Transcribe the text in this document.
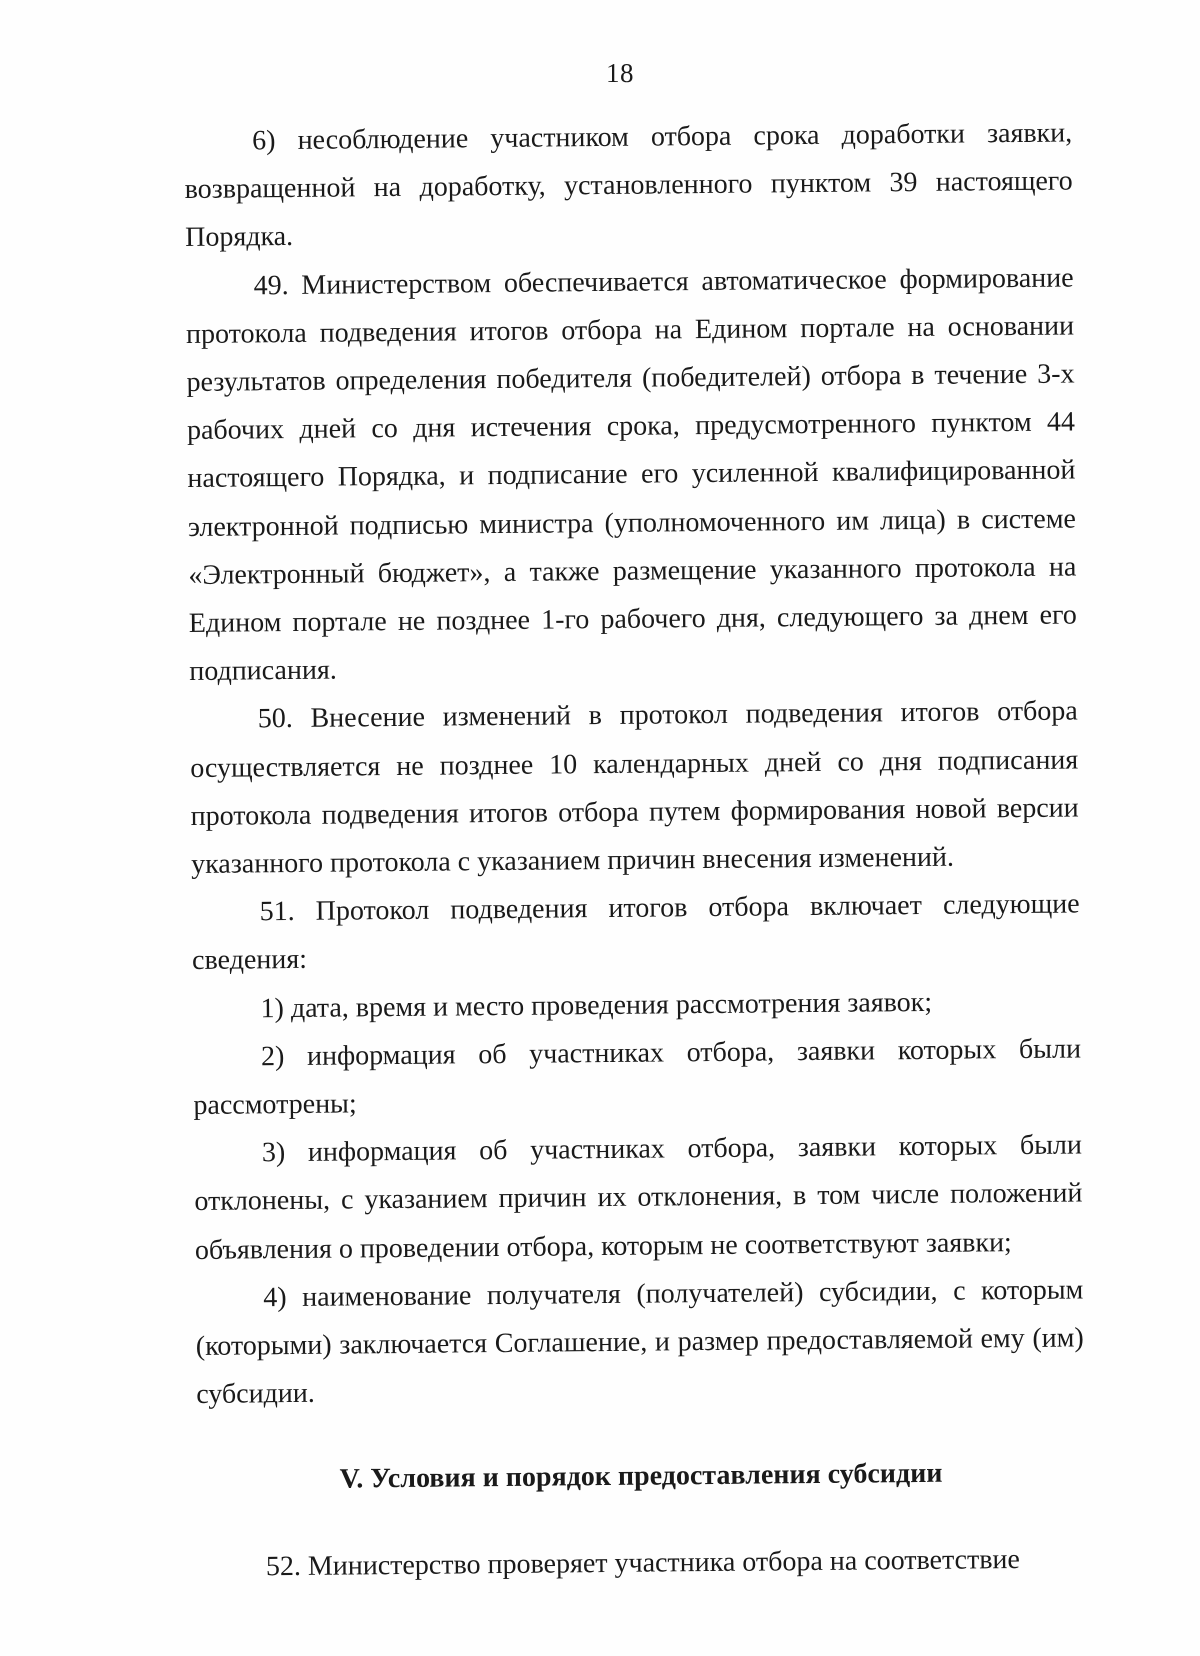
18

6) несоблюдение участником отбора срока доработки заявки, возвращенной на доработку, установленного пунктом 39 настоящего Порядка.

49. Министерством обеспечивается автоматическое формирование протокола подведения итогов отбора на Едином портале на основании результатов определения победителя (победителей) отбора в течение 3-х рабочих дней со дня истечения срока, предусмотренного пунктом 44 настоящего Порядка, и подписание его усиленной квалифицированной электронной подписью министра (уполномоченного им лица) в системе «Электронный бюджет», а также размещение указанного протокола на Едином портале не позднее 1-го рабочего дня, следующего за днем его подписания.

50. Внесение изменений в протокол подведения итогов отбора осуществляется не позднее 10 календарных дней со дня подписания протокола подведения итогов отбора путем формирования новой версии указанного протокола с указанием причин внесения изменений.

51. Протокол подведения итогов отбора включает следующие сведения:

1) дата, время и место проведения рассмотрения заявок;

2) информация об участниках отбора, заявки которых были рассмотрены;

3) информация об участниках отбора, заявки которых были отклонены, с указанием причин их отклонения, в том числе положений объявления о проведении отбора, которым не соответствуют заявки;

4) наименование получателя (получателей) субсидии, с которым (которыми) заключается Соглашение, и размер предоставляемой ему (им) субсидии.

V. Условия и порядок предоставления субсидии

52. Министерство проверяет участника отбора на соответствие
